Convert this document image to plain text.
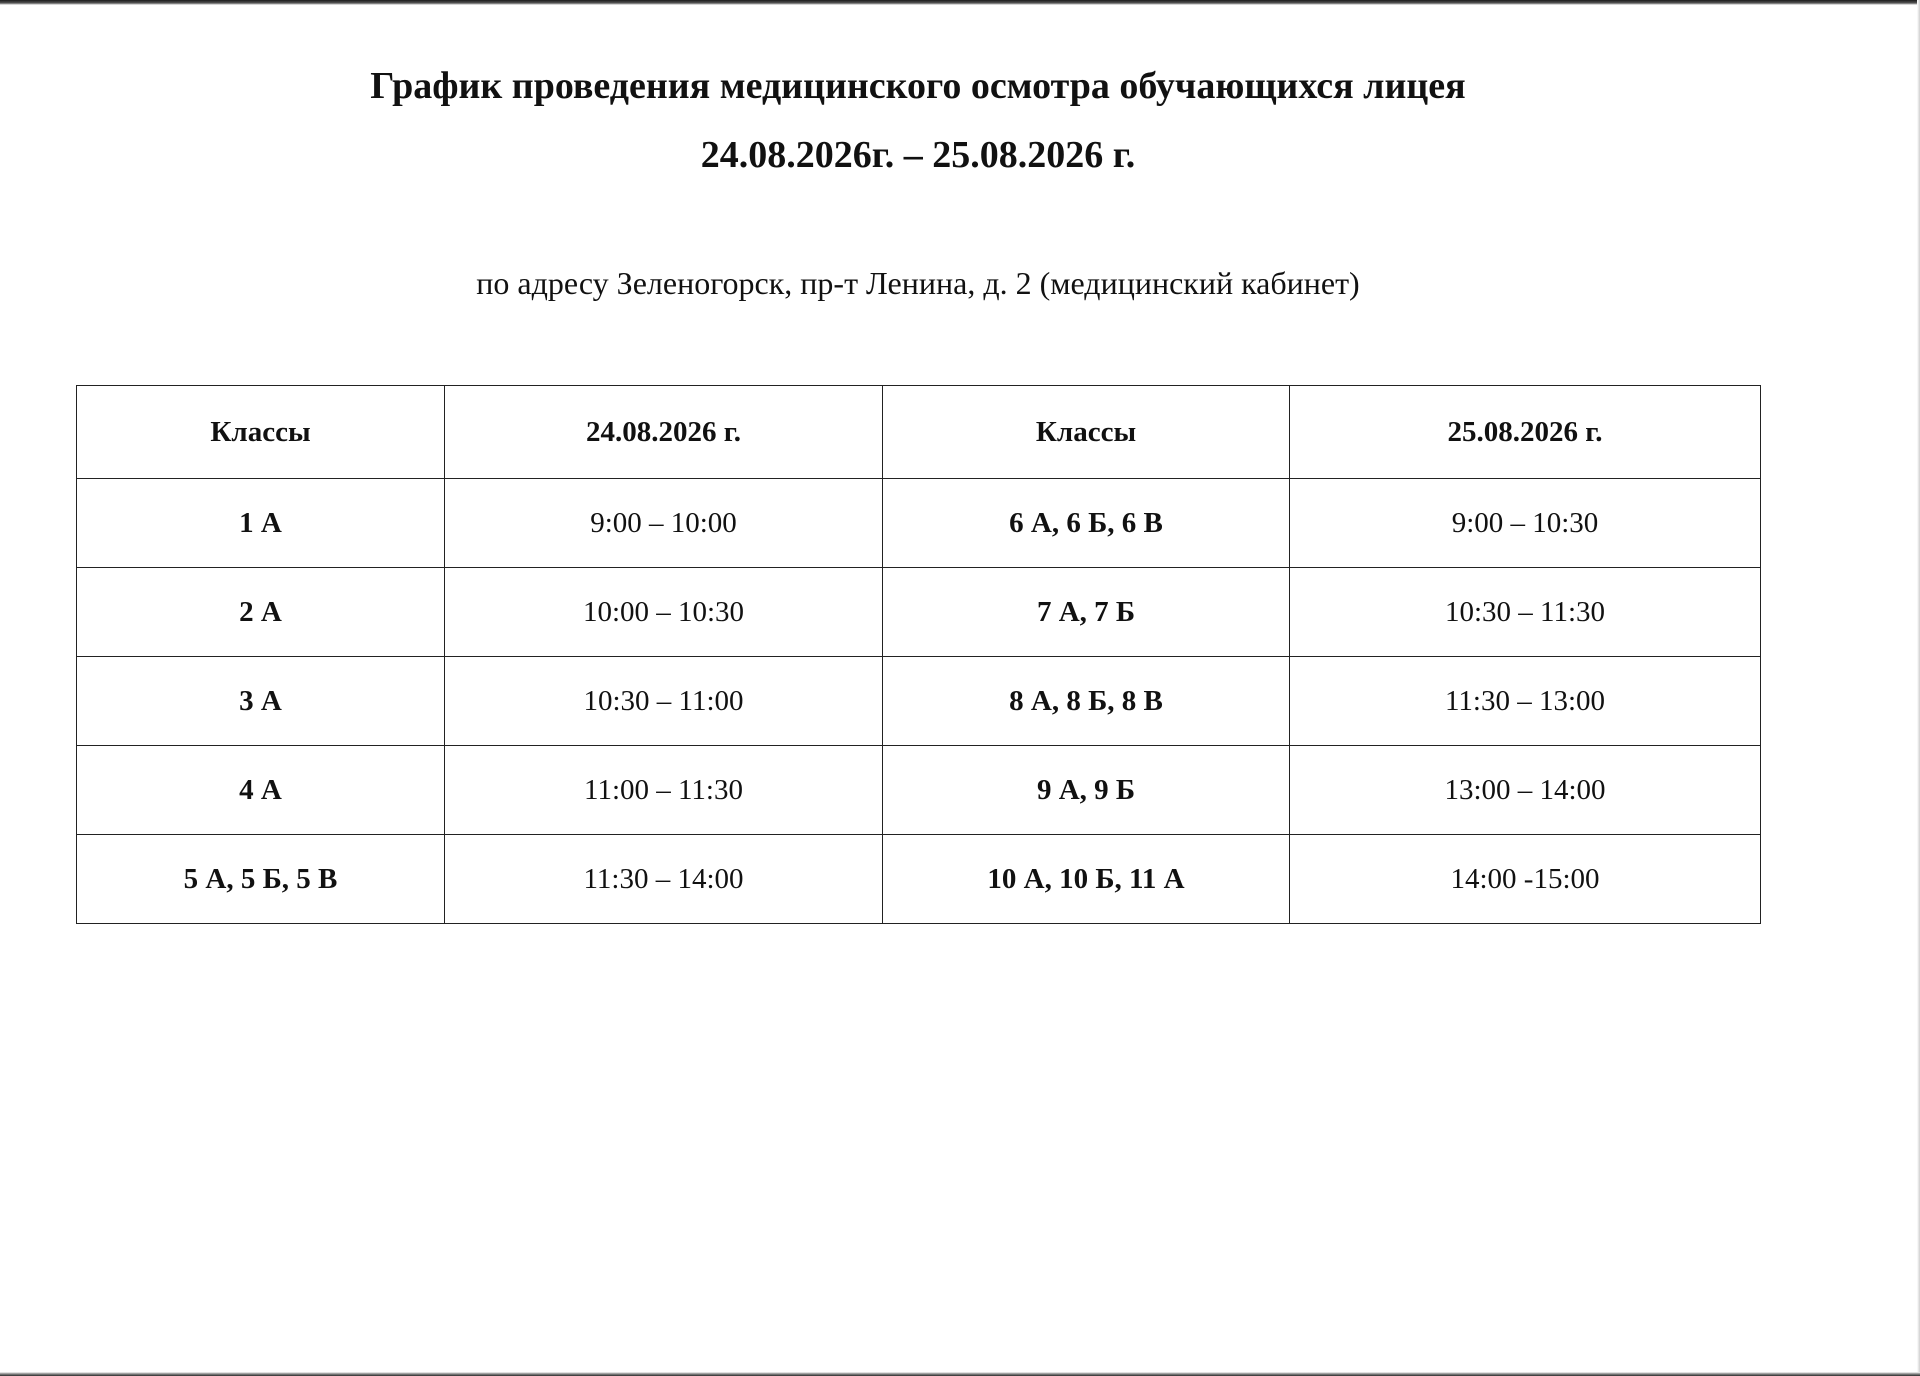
График проведения медицинского осмотра обучающихся лицея
24.08.2026г. – 25.08.2026 г.
по адресу Зеленогорск, пр-т Ленина, д. 2 (медицинский кабинет)
Классы	24.08.2026 г.	Классы	25.08.2026 г.
1 А	9:00 – 10:00	6 А, 6 Б, 6 В	9:00 – 10:30
2 А	10:00 – 10:30	7 А, 7 Б	10:30 – 11:30
3 А	10:30 – 11:00	8 А, 8 Б, 8 В	11:30 – 13:00
4 А	11:00 – 11:30	9 А, 9 Б	13:00 – 14:00
5 А, 5 Б, 5 В	11:30 – 14:00	10 А, 10 Б, 11 А	14:00 -15:00
